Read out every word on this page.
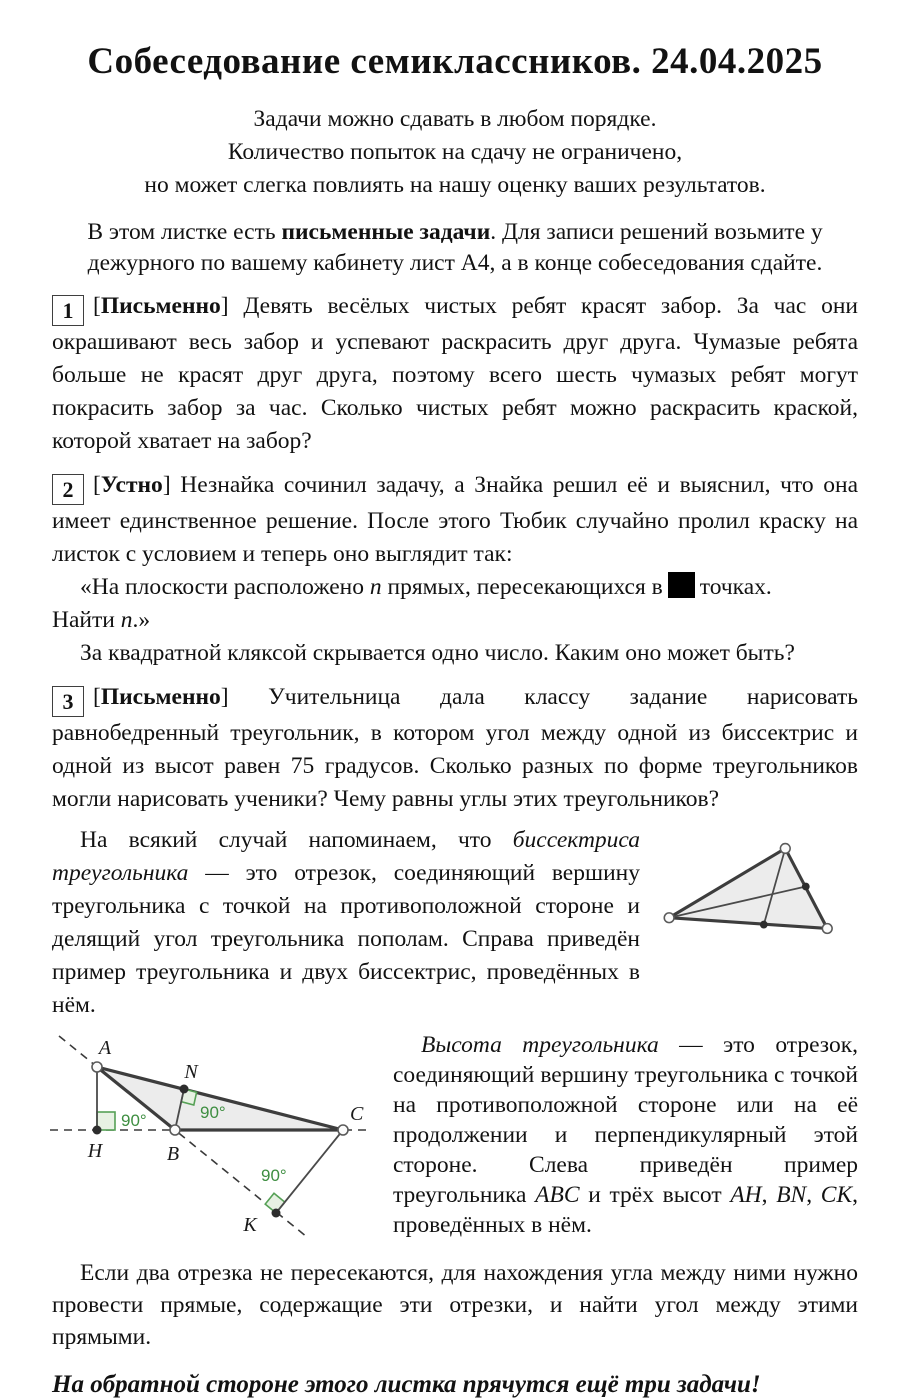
Собеседование семиклассников. 24.04.2025

Задачи можно сдавать в любом порядке.

Количество попыток на сдачу не ограничено,

но может слегка повлиять на нашу оценку ваших результатов.

В этом листке есть письменные задачи. Для записи решений возьмите у дежурного по вашему кабинету лист А4, а в конце собеседования сдайте.

1 [Письменно] Девять весёлых чистых ребят красят забор. За час они окрашивают весь забор и успевают раскрасить друг друга. Чумазые ребята больше не красят друг друга, поэтому всего шесть чумазых ребят могут покрасить забор за час. Сколько чистых ребят можно раскрасить краской, которой хватает на забор?

2 [Устно] Незнайка сочинил задачу, а Знайка решил её и выяснил, что она имеет единственное решение. После этого Тюбик случайно пролил краску на листок с условием и теперь оно выглядит так:

«На плоскости расположено n прямых, пересекающихся в точках.
Найти n.»

За квадратной кляксой скрывается одно число. Каким оно может быть?

3 [Письменно] Учительница дала классу задание нарисовать равнобедренный треугольник, в котором угол между одной из биссектрис и одной из высот равен 75 градусов. Сколько разных по форме треугольников могли нарисовать ученики? Чему равны углы этих треугольников?

На всякий случай напоминаем, что биссектриса треугольника — это отрезок, соединяющий вершину треугольника с точкой на противоположной стороне и делящий угол треугольника пополам. Справа приведён пример треугольника и двух биссектрис, проведённых в нём.

A
N
C
H	B
K
90°	90°
90°

Высота треугольника — это отрезок, соединяющий вершину треугольника с точкой на противоположной стороне или на её продолжении и перпендикулярный этой стороне. Слева приведён пример треугольника ABC и трёх высот AH, BN, CK, проведённых в нём.

Если два отрезка не пересекаются, для нахождения угла между ними нужно провести прямые, содержащие эти отрезки, и найти угол между этими прямыми.

На обратной стороне этого листка прячутся ещё три задачи!
